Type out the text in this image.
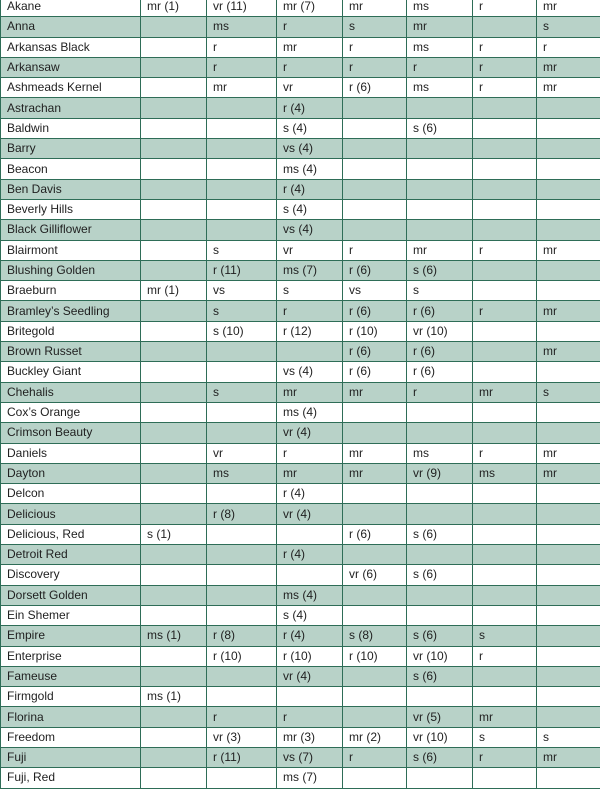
Akane	mr (1)	vr (11)	mr (7)	mr	ms	r	mr
Anna		ms	r	s	mr		s
Arkansas Black		r	mr	r	ms	r	r
Arkansaw		r	r	r	r	r	mr
Ashmeads Kernel		mr	vr	r (6)	ms	r	mr
Astrachan			r (4)				
Baldwin			s (4)		s (6)		
Barry			vs (4)				
Beacon			ms (4)				
Ben Davis			r (4)				
Beverly Hills			s (4)				
Black Gilliflower			vs (4)				
Blairmont		s	vr	r	mr	r	mr
Blushing Golden		r (11)	ms (7)	r (6)	s (6)		
Braeburn	mr (1)	vs	s	vs	s		
Bramley’s Seedling		s	r	r (6)	r (6)	r	mr
Britegold		s (10)	r (12)	r (10)	vr (10)		
Brown Russet				r (6)	r (6)		mr
Buckley Giant			vs (4)	r (6)	r (6)		
Chehalis		s	mr	mr	r	mr	s
Cox’s Orange			ms (4)				
Crimson Beauty			vr (4)				
Daniels		vr	r	mr	ms	r	mr
Dayton		ms	mr	mr	vr (9)	ms	mr
Delcon			r (4)				
Delicious		r (8)	vr (4)				
Delicious, Red	s (1)			r (6)	s (6)		
Detroit Red			r (4)				
Discovery				vr (6)	s (6)		
Dorsett Golden			ms (4)				
Ein Shemer			s (4)				
Empire	ms (1)	r (8)	r (4)	s (8)	s (6)	s	
Enterprise		r (10)	r (10)	r (10)	vr (10)	r	
Fameuse			vr (4)		s (6)		
Firmgold	ms (1)						
Florina		r	r		vr (5)	mr	
Freedom		vr (3)	mr (3)	mr (2)	vr (10)	s	s
Fuji		r (11)	vs (7)	r	s (6)	r	mr
Fuji, Red			ms (7)				
